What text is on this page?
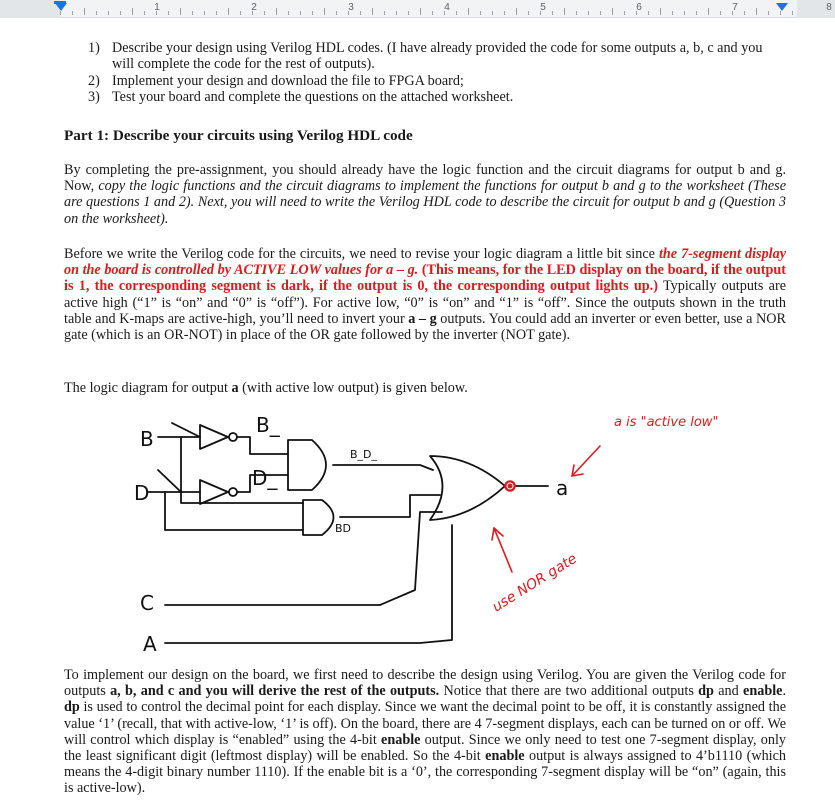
1	2	3	4	5	6	7	8
1) Describe your design using Verilog HDL codes. (I have already provided the code for some outputs a, b, c and you will complete the code for the rest of outputs).
2) Implement your design and download the file to FPGA board;
3) Test your board and complete the questions on the attached worksheet.
Part 1: Describe your circuits using Verilog HDL code

By completing the pre-assignment, you should already have the logic function and the circuit diagrams for output b and g. Now, copy the logic functions and the circuit diagrams to implement the functions for output b and g to the worksheet (These are questions 1 and 2). Next, you will need to write the Verilog HDL code to describe the circuit for output b and g (Question 3 on the worksheet).

Before we write the Verilog code for the circuits, we need to revise your logic diagram a little bit since the 7-segment display on the board is controlled by ACTIVE LOW values for a – g. (This means, for the LED display on the board, if the output is 1, the corresponding segment is dark, if the output is 0, the corresponding output lights up.) Typically outputs are active high (“1” is “on” and “0” is “off”). For active low, “0” is “on” and “1” is “off”. Since the outputs shown in the truth table and K-maps are active-high, you’ll need to invert your a – g outputs. You could add an inverter or even better, use a NOR gate (which is an OR-NOT) in place of the OR gate followed by the inverter (NOT gate).

The logic diagram for output a (with active low output) is given below.

To implement our design on the board, we first need to describe the design using Verilog. You are given the Verilog code for outputs a, b, and c and you will derive the rest of the outputs. Notice that there are two additional outputs dp and enable. dp is used to control the decimal point for each display. Since we want the decimal point to be off, it is constantly assigned the value ‘1’ (recall, that with active-low, ‘1’ is off). On the board, there are 4 7-segment displays, each can be turned on or off. We will control which display is “enabled” using the 4-bit enable output. Since we only need to test one 7-segment display, only the least significant digit (leftmost display) will be enabled. So the 4-bit enable output is always assigned to 4’b1110 (which means the 4-digit binary number 1110). If the enable bit is a ‘0’, the corresponding 7-segment display will be “on” (again, this is active-low).

B
D
C
A
B_
D_	a
B_D_
BD
a is "active low"
use NOR gate
